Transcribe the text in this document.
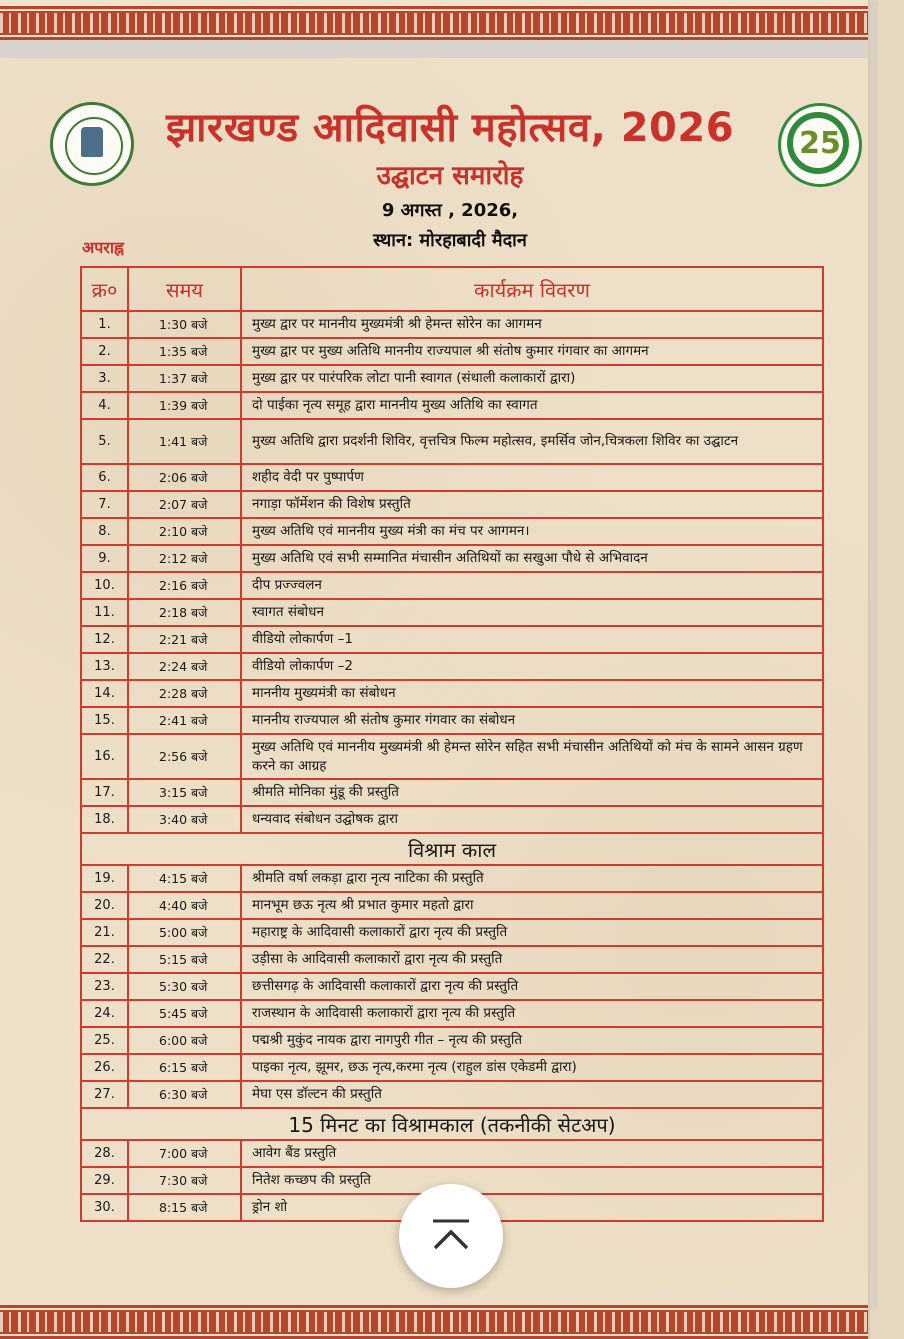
25
झारखण्ड आदिवासी महोत्सव, 2026
उद्घाटन समारोह
9 अगस्त , 2026,
स्थान: मोरहाबादी मैदान
अपराह्न
क्र०	समय	कार्यक्रम विवरण
1.	1:30 बजे	मुख्य द्वार पर माननीय मुख्यमंत्री श्री हेमन्त सोरेन का आगमन
2.	1:35 बजे	मुख्य द्वार पर मुख्य अतिथि माननीय राज्यपाल श्री संतोष कुमार गंगवार का आगमन
3.	1:37 बजे	मुख्य द्वार पर पारंपरिक लोटा पानी स्वागत (संथाली कलाकारों द्वारा)
4.	1:39 बजे	दो पाईका नृत्य समूह द्वारा माननीय मुख्य अतिथि का स्वागत
5.	1:41 बजे	मुख्य अतिथि द्वारा प्रदर्शनी शिविर, वृत्तचित्र फिल्म महोत्सव, इमर्सिव जोन,चित्रकला शिविर का उद्घाटन
6.	2:06 बजे	शहीद वेदी पर पुष्पार्पण
7.	2:07 बजे	नगाड़ा फॉर्मेशन की विशेष प्रस्तुति
8.	2:10 बजे	मुख्य अतिथि एवं माननीय मुख्य मंत्री का मंच पर आगमन।
9.	2:12 बजे	मुख्य अतिथि एवं सभी सम्मानित मंचासीन अतिथियों का सखुआ पौधे से अभिवादन
10.	2:16 बजे	दीप प्रज्ज्वलन
11.	2:18 बजे	स्वागत संबोधन
12.	2:21 बजे	वीडियो लोकार्पण –1
13.	2:24 बजे	वीडियो लोकार्पण –2
14.	2:28 बजे	माननीय मुख्यमंत्री का संबोधन
15.	2:41 बजे	माननीय राज्यपाल श्री संतोष कुमार गंगवार का संबोधन
16.	2:56 बजे	मुख्य अतिथि एवं माननीय मुख्यमंत्री श्री हेमन्त सोरेन सहित सभी मंचासीन अतिथियों को मंच के सामने आसन ग्रहण करने का आग्रह
17.	3:15 बजे	श्रीमति मोनिका मुंडू की प्रस्तुति
18.	3:40 बजे	धन्यवाद संबोधन उद्घोषक द्वारा
विश्राम काल		
19.	4:15 बजे	श्रीमति वर्षा लकड़ा द्वारा नृत्य नाटिका की प्रस्तुति
20.	4:40 बजे	मानभूम छऊ नृत्य श्री प्रभात कुमार महतो द्वारा
21.	5:00 बजे	महाराष्ट्र के आदिवासी कलाकारों द्वारा नृत्य की प्रस्तुति
22.	5:15 बजे	उड़ीसा के आदिवासी कलाकारों द्वारा नृत्य की प्रस्तुति
23.	5:30 बजे	छत्तीसगढ़ के आदिवासी कलाकारों द्वारा नृत्य की प्रस्तुति
24.	5:45 बजे	राजस्थान के आदिवासी कलाकारों द्वारा नृत्य की प्रस्तुति
25.	6:00 बजे	पद्मश्री मुकुंद नायक द्वारा नागपुरी गीत – नृत्य की प्रस्तुति
26.	6:15 बजे	पाइका नृत्य, झूमर, छऊ नृत्य,करमा नृत्य (राहुल डांस एकेडमी द्वारा)
27.	6:30 बजे	मेघा एस डॉल्टन की प्रस्तुति
15 मिनट का विश्रामकाल (तकनीकी सेटअप)		
28.	7:00 बजे	आवेग बैंड प्रस्तुति
29.	7:30 बजे	नितेश कच्छप की प्रस्तुति
30.	8:15 बजे	ड्रोन शो
